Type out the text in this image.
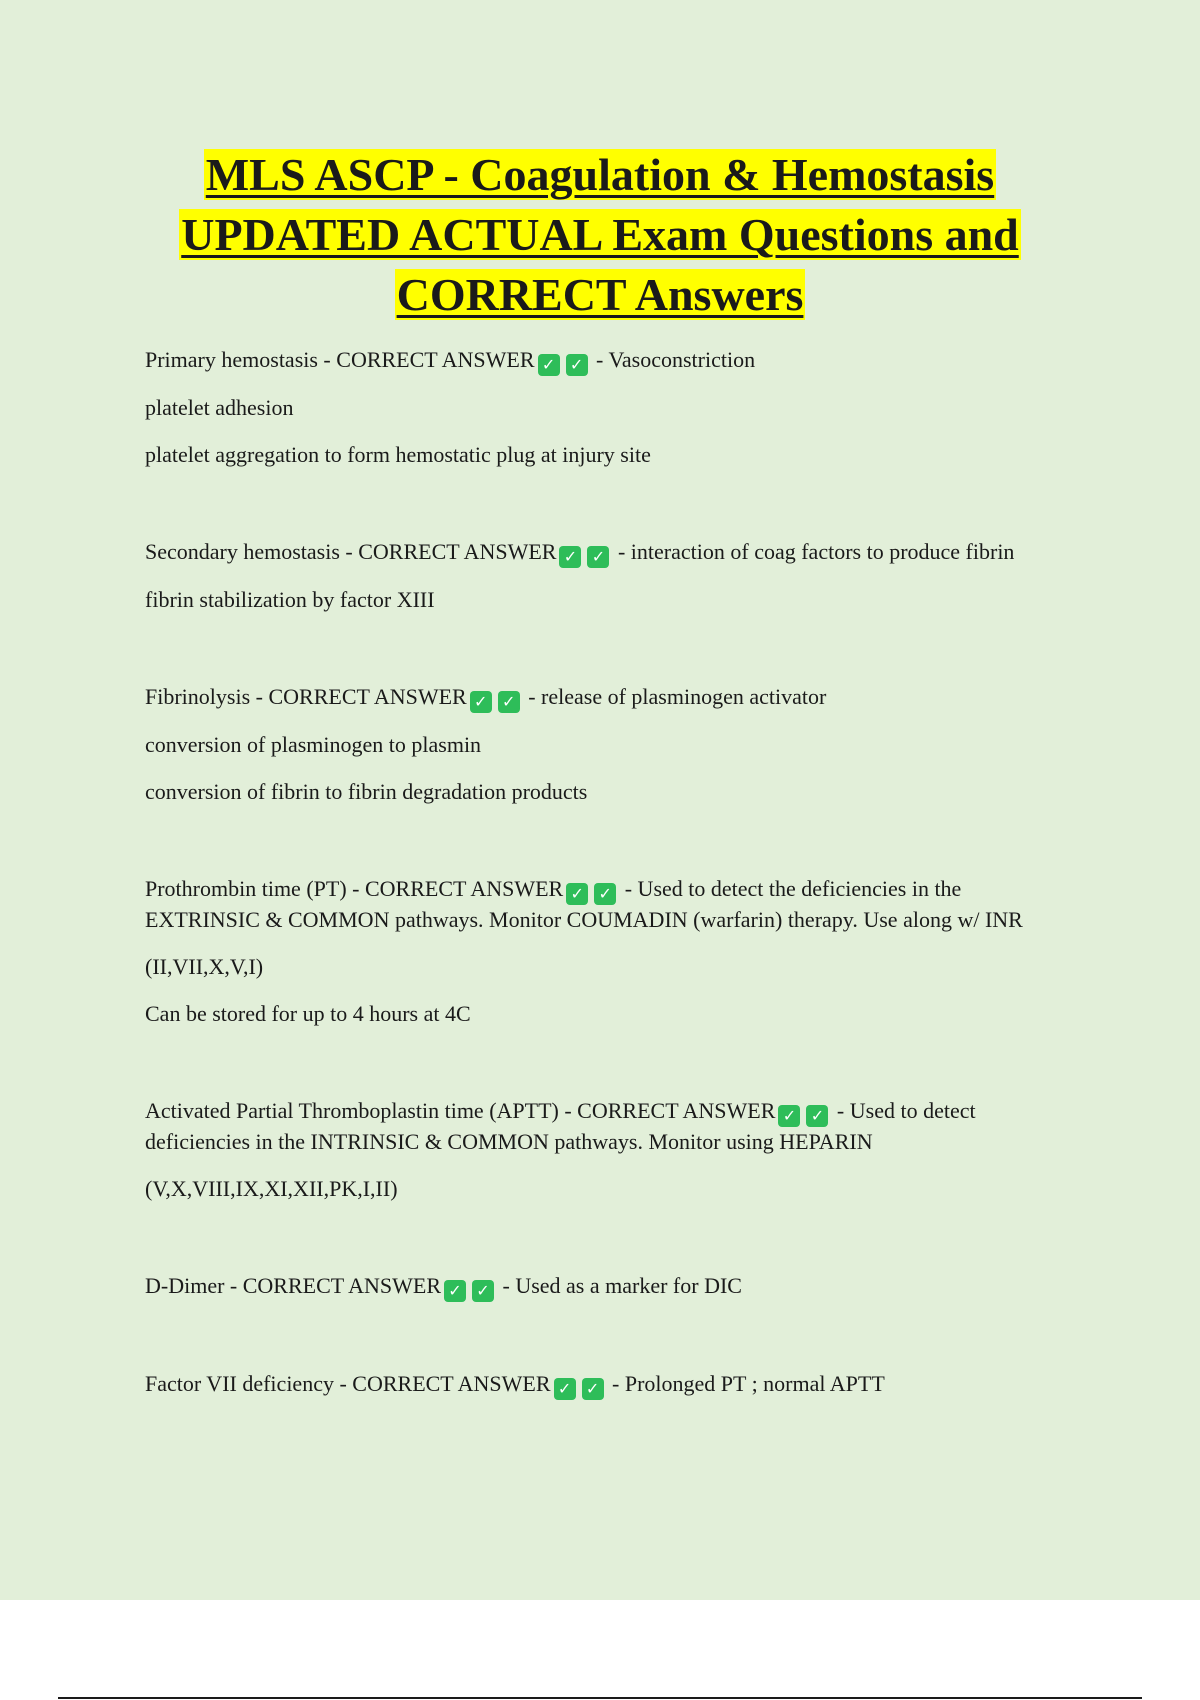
MLS ASCP - Coagulation & Hemostasis
UPDATED ACTUAL Exam Questions and
CORRECT Answers

Primary hemostasis - CORRECT ANSWER ✓ ✓ - Vasoconstriction

platelet adhesion

platelet aggregation to form hemostatic plug at injury site

Secondary hemostasis - CORRECT ANSWER ✓ ✓ - interaction of coag factors to produce fibrin

fibrin stabilization by factor XIII

Fibrinolysis - CORRECT ANSWER ✓ ✓ - release of plasminogen activator

conversion of plasminogen to plasmin

conversion of fibrin to fibrin degradation products

Prothrombin time (PT) - CORRECT ANSWER ✓ ✓ - Used to detect the deficiencies in the EXTRINSIC & COMMON pathways. Monitor COUMADIN (warfarin) therapy. Use along w/ INR

(II,VII,X,V,I)

Can be stored for up to 4 hours at 4C

Activated Partial Thromboplastin time (APTT) - CORRECT ANSWER ✓ ✓ - Used to detect deficiencies in the INTRINSIC & COMMON pathways. Monitor using HEPARIN

(V,X,VIII,IX,XI,XII,PK,I,II)

D-Dimer - CORRECT ANSWER ✓ ✓ - Used as a marker for DIC

Factor VII deficiency - CORRECT ANSWER ✓ ✓ - Prolonged PT ; normal APTT
